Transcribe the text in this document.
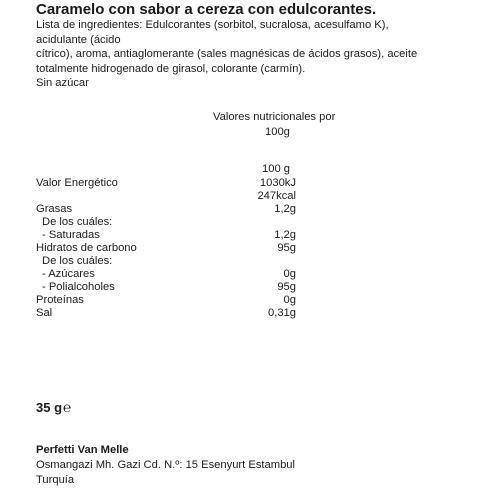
Caramelo con sabor a cereza con edulcorantes.
Lista de ingredientes: Edulcorantes (sorbitol, sucralosa, acesulfamo K),
acidulante (ácido
cítrico), aroma, antiaglomerante (sales magnésicas de ácidos grasos), aceite
totalmente hidrogenado de girasol, colorante (carmín).
Sin azúcar
Valores nutricionales por
100g
100 g
Valor Energético	1030kJ
247kcal
Grasas	1,2g
De los cuáles:
- Saturadas	1,2g
Hidratos de carbono	95g
De los cuáles:
- Azúcares	0g
- Polialcoholes	95g
Proteínas	0g
Sal	0,31g
35 g℮
Perfetti Van Melle
Osmangazi Mh. Gazi Cd. N.º: 15 Esenyurt Estambul
Turquía
